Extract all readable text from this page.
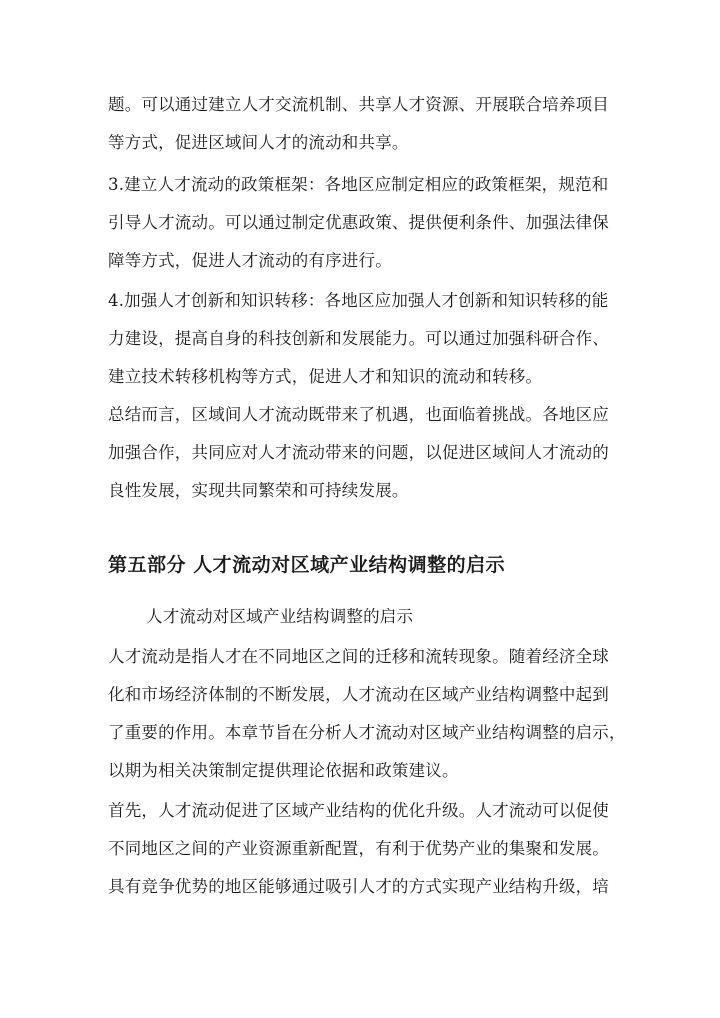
题。可以通过建立人才交流机制、共享人才资源、开展联合培养项目
等方式，促进区域间人才的流动和共享。
3.建立人才流动的政策框架：各地区应制定相应的政策框架，规范和
引导人才流动。可以通过制定优惠政策、提供便利条件、加强法律保
障等方式，促进人才流动的有序进行。
4.加强人才创新和知识转移：各地区应加强人才创新和知识转移的能
力建设，提高自身的科技创新和发展能力。可以通过加强科研合作、
建立技术转移机构等方式，促进人才和知识的流动和转移。
总结而言，区域间人才流动既带来了机遇，也面临着挑战。各地区应
加强合作，共同应对人才流动带来的问题，以促进区域间人才流动的
良性发展，实现共同繁荣和可持续发展。
第五部分 人才流动对区域产业结构调整的启示
人才流动对区域产业结构调整的启示
人才流动是指人才在不同地区之间的迁移和流转现象。随着经济全球
化和市场经济体制的不断发展，人才流动在区域产业结构调整中起到
了重要的作用。本章节旨在分析人才流动对区域产业结构调整的启示，
以期为相关决策制定提供理论依据和政策建议。
首先，人才流动促进了区域产业结构的优化升级。人才流动可以促使
不同地区之间的产业资源重新配置，有利于优势产业的集聚和发展。
具有竞争优势的地区能够通过吸引人才的方式实现产业结构升级，培
